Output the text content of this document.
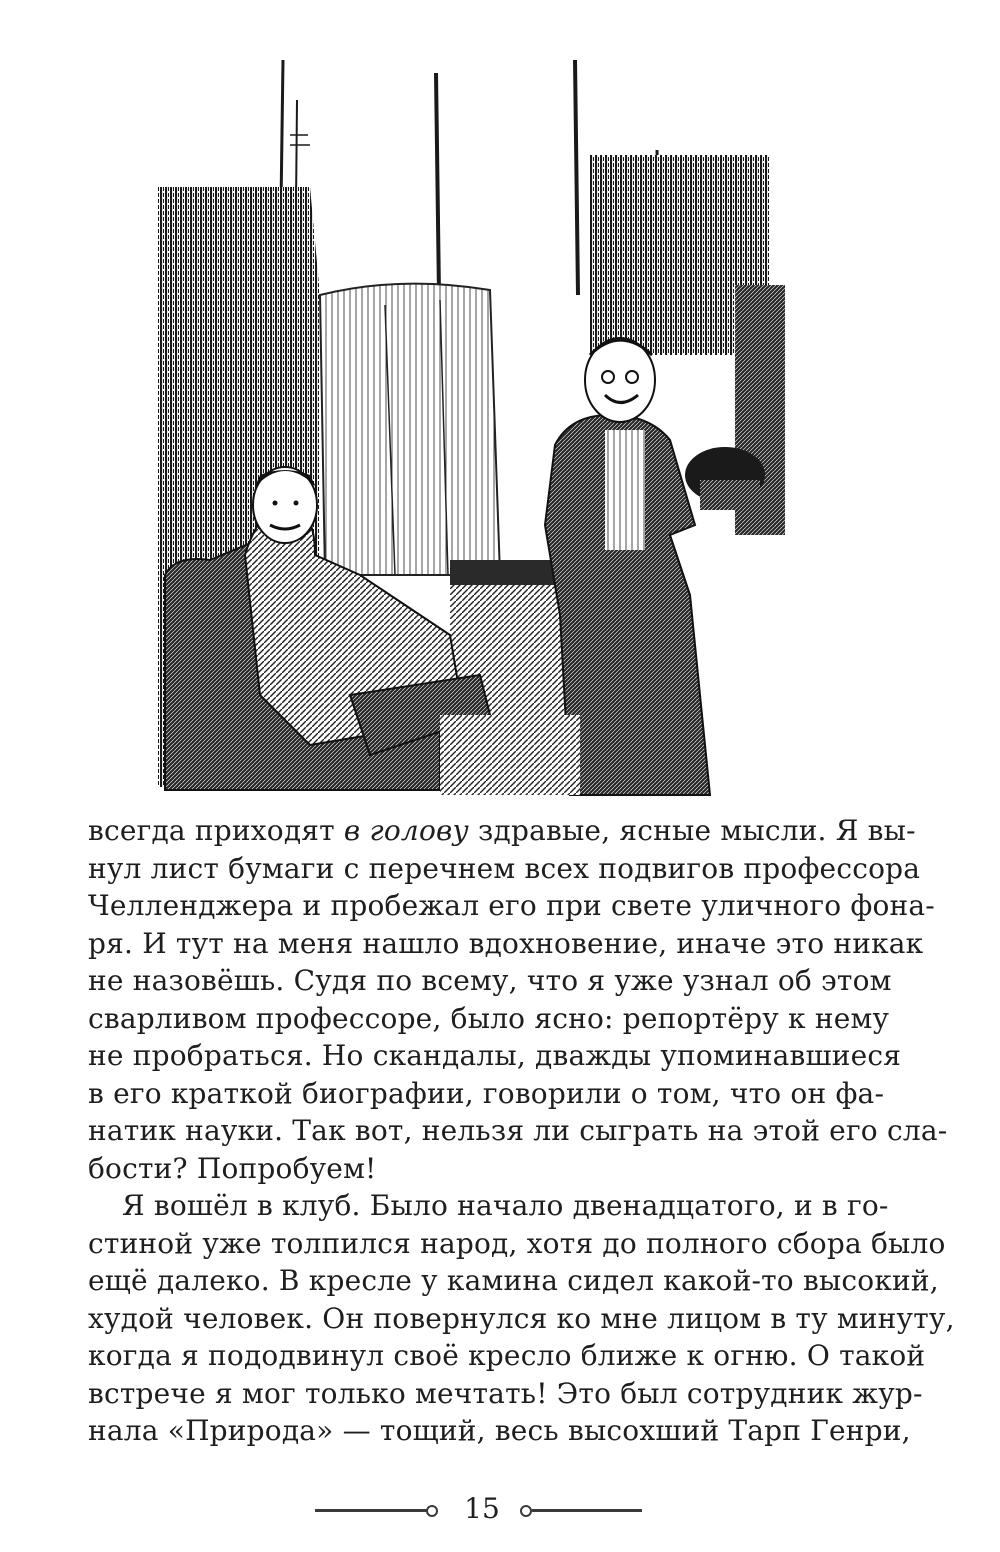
всегда приходят в голову здравые, ясные мысли. Я вы-
нул лист бумаги с перечнем всех подвигов профессора
Челленджера и пробежал его при свете уличного фона-
ря. И тут на меня нашло вдохновение, иначе это никак
не назовёшь. Судя по всему, что я уже узнал об этом
сварливом профессоре, было ясно: репортёру к нему
не пробраться. Но скандалы, дважды упоминавшиеся
в его краткой биографии, говорили о том, что он фа-
натик науки. Так вот, нельзя ли сыграть на этой его сла-
бости? Попробуем!
Я вошёл в клуб. Было начало двенадцатого, и в го-
стиной уже толпился народ, хотя до полного сбора было
ещё далеко. В кресле у камина сидел какой-то высокий,
худой человек. Он повернулся ко мне лицом в ту минуту,
когда я пододвинул своё кресло ближе к огню. О такой
встрече я мог только мечтать! Это был сотрудник жур-
нала «Природа» — тощий, весь высохший Тарп Генри,
15
